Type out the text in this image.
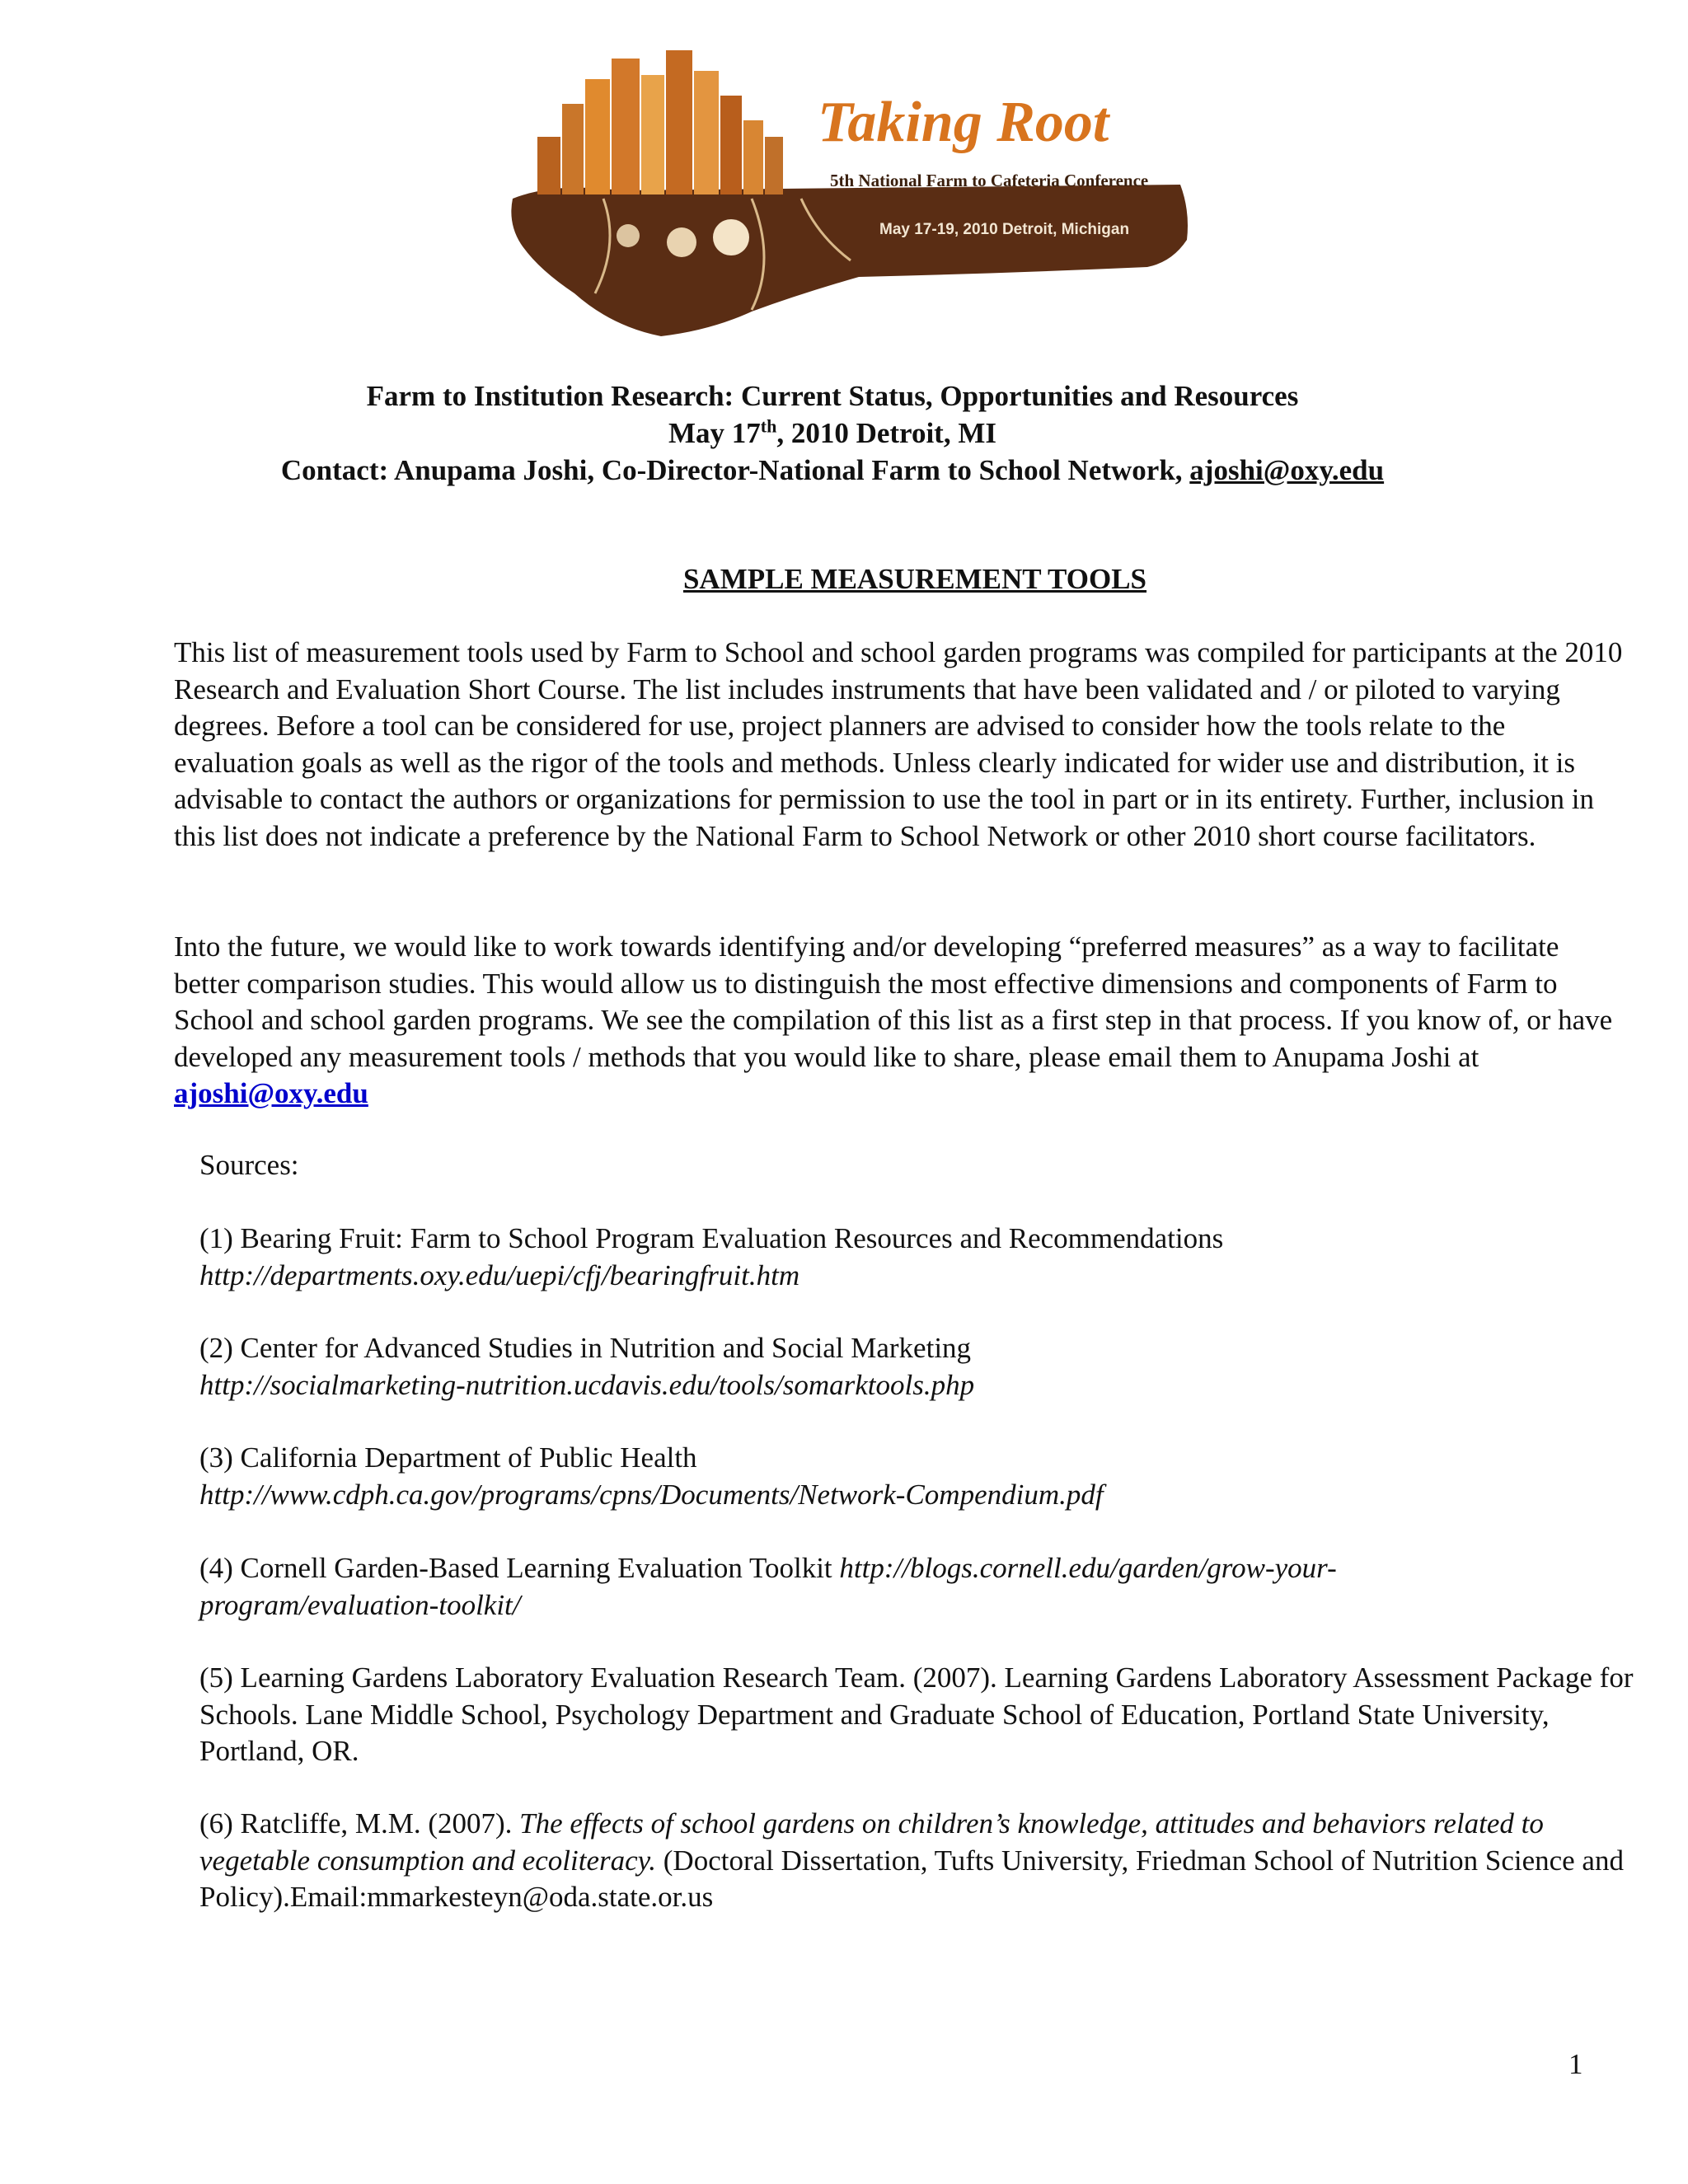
Taking Root
5th National Farm to Cafeteria Conference
May 17-19, 2010 Detroit, Michigan

Farm to Institution Research: Current Status, Opportunities and Resources

May 17th, 2010 Detroit, MI

Contact: Anupama Joshi, Co-Director-National Farm to School Network, ajoshi@oxy.edu

SAMPLE MEASUREMENT TOOLS

This list of measurement tools used by Farm to School and school garden programs was compiled for participants at the 2010 Research and Evaluation Short Course. The list includes instruments that have been validated and / or piloted to varying degrees. Before a tool can be considered for use, project planners are advised to consider how the tools relate to the evaluation goals as well as the rigor of the tools and methods. Unless clearly indicated for wider use and distribution, it is advisable to contact the authors or organizations for permission to use the tool in part or in its entirety. Further, inclusion in this list does not indicate a preference by the National Farm to School Network or other 2010 short course facilitators.

Into the future, we would like to work towards identifying and/or developing “preferred measures” as a way to facilitate better comparison studies. This would allow us to distinguish the most effective dimensions and components of Farm to School and school garden programs. We see the compilation of this list as a first step in that process. If you know of, or have developed any measurement tools / methods that you would like to share, please email them to Anupama Joshi at ajoshi@oxy.edu

Sources:

(1) Bearing Fruit: Farm to School Program Evaluation Resources and Recommendations
http://departments.oxy.edu/uepi/cfj/bearingfruit.htm
(2) Center for Advanced Studies in Nutrition and Social Marketing
http://socialmarketing-nutrition.ucdavis.edu/tools/somarktools.php
(3) California Department of Public Health
http://www.cdph.ca.gov/programs/cpns/Documents/Network-Compendium.pdf

(4) Cornell Garden-Based Learning Evaluation Toolkit http://blogs.cornell.edu/garden/grow-your-program/evaluation-toolkit/

(5) Learning Gardens Laboratory Evaluation Research Team. (2007). Learning Gardens Laboratory Assessment Package for Schools. Lane Middle School, Psychology Department and Graduate School of Education, Portland State University, Portland, OR.

(6) Ratcliffe, M.M. (2007). The effects of school gardens on children’s knowledge, attitudes and behaviors related to vegetable consumption and ecoliteracy. (Doctoral Dissertation, Tufts University, Friedman School of Nutrition Science and Policy).Email:mmarkesteyn@oda.state.or.us

1
